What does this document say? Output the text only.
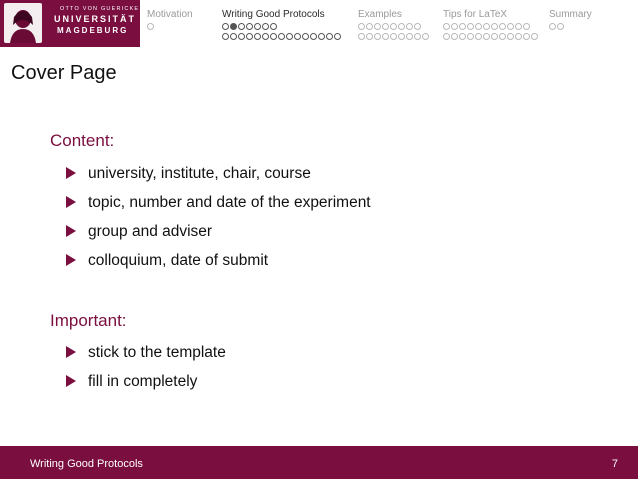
OTTO VON GUERICKE
UNIVERSITÄT
MAGDEBURG
Motivation	Writing Good Protocols	Examples	Tips for LaTeX	Summary
Cover Page
Content:
university, institute, chair, course
topic, number and date of the experiment
group and adviser
colloquium, date of submit
Important:
stick to the template
fill in completely
Writing Good Protocols	7
